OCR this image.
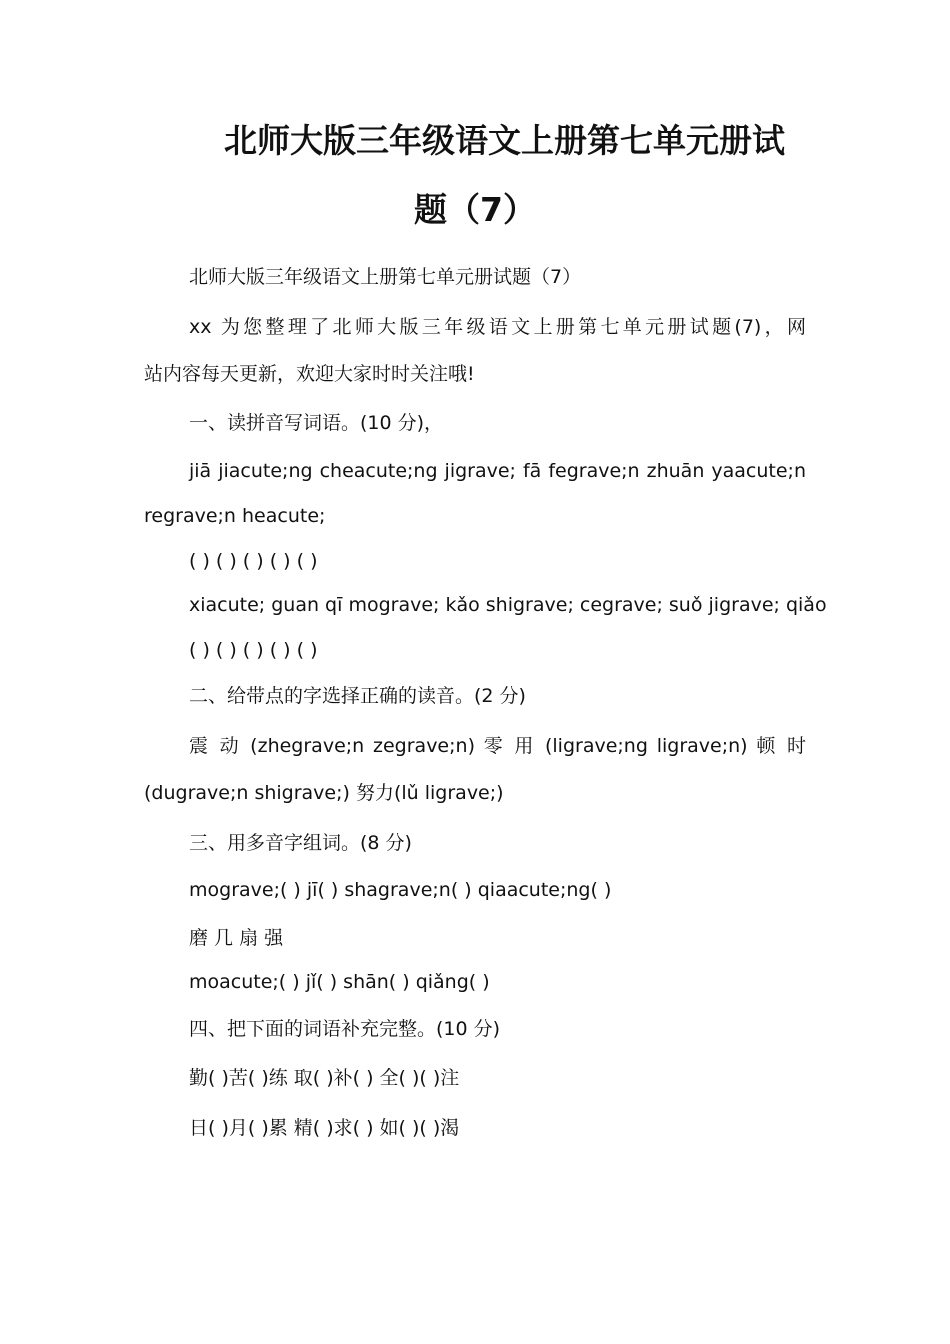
北师大版三年级语文上册第七单元册试
题（7）
北师大版三年级语文上册第七单元册试题（7）
xx 为您整理了北师大版三年级语文上册第七单元册试题(7)，网
站内容每天更新，欢迎大家时时关注哦!
一、读拼音写词语。(10 分)，
jiā jiacute;ng cheacute;ng jigrave; fā fegrave;n zhuān yaacute;n
regrave;n heacute;
( ) ( ) ( ) ( ) ( )
xiacute; guan qī mograve; kǎo shigrave; cegrave; suǒ jigrave; qiǎo
( ) ( ) ( ) ( ) ( )
二、给带点的字选择正确的读音。(2 分)
震 动 (zhegrave;n zegrave;n) 零 用 (ligrave;ng ligrave;n) 顿 时
(dugrave;n shigrave;) 努力(lǔ ligrave;)
三、用多音字组词。(8 分)
mograve;( ) jī( ) shagrave;n( ) qiaacute;ng( )
磨 几 扇 强
moacute;( ) jǐ( ) shān( ) qiǎng( )
四、把下面的词语补充完整。(10 分)
勤( )苦( )练 取( )补( ) 全( )( )注
日( )月( )累 精( )求( ) 如( )( )渴
